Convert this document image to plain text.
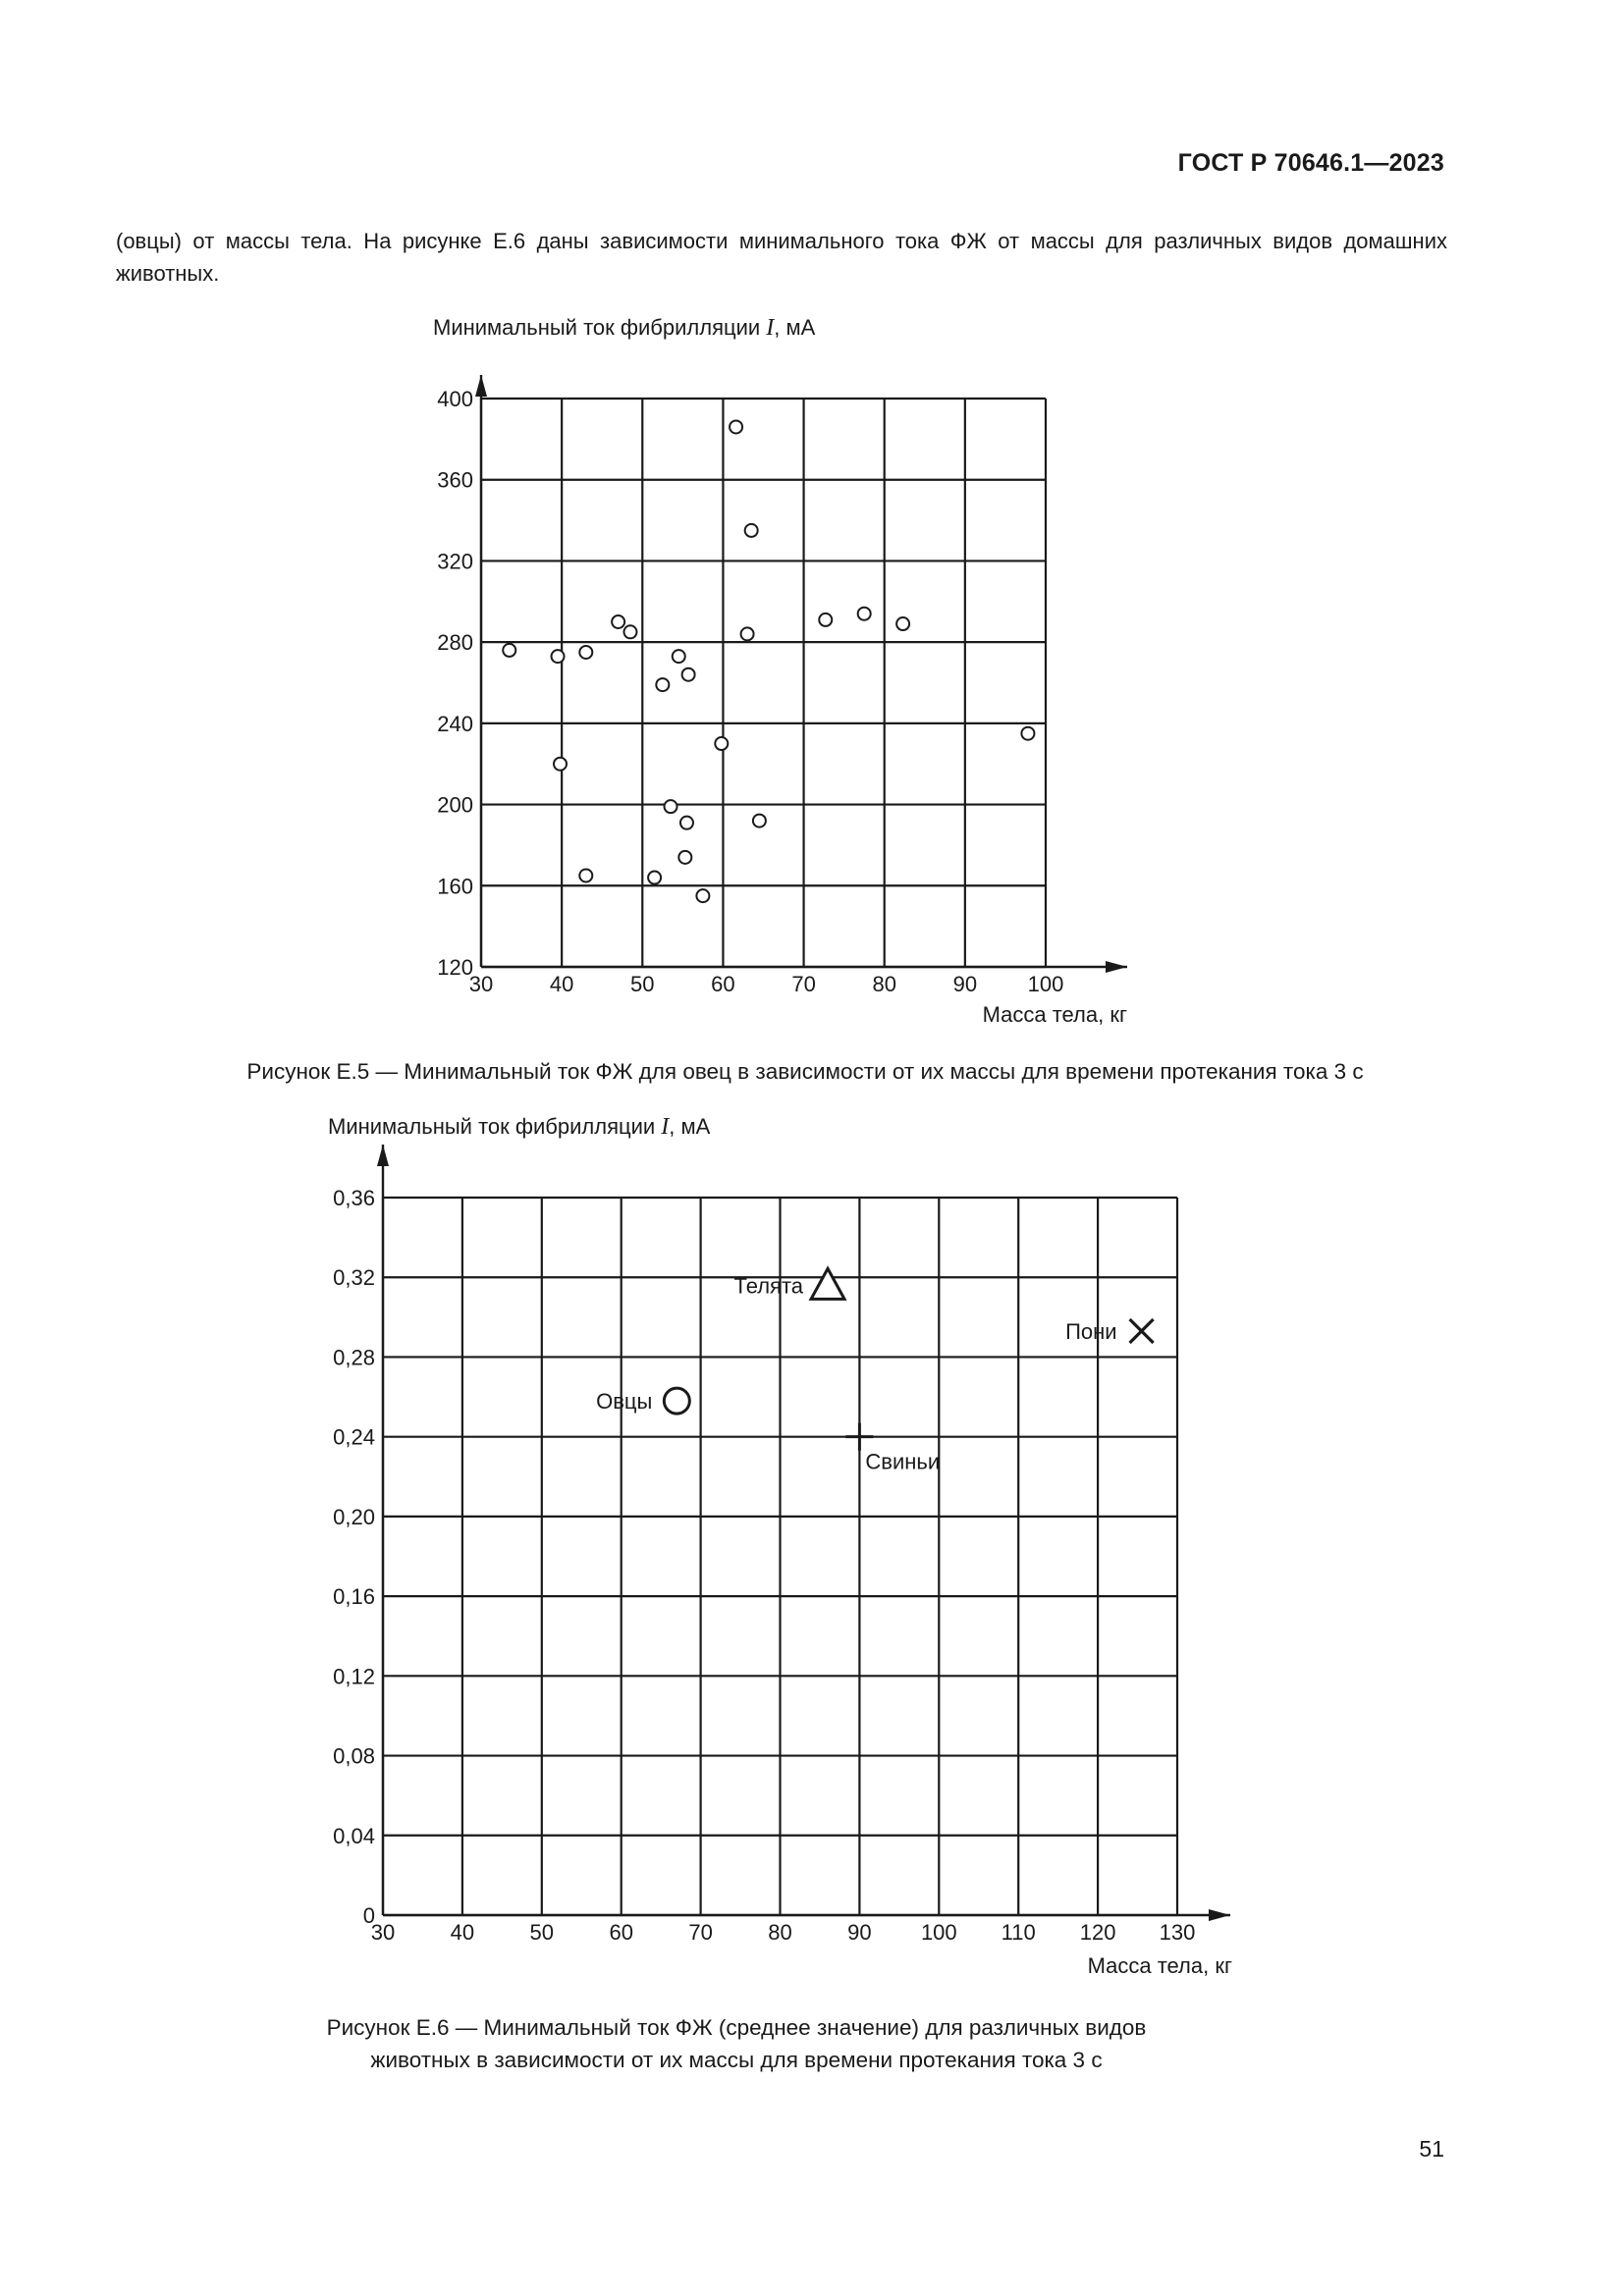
ГОСТ Р 70646.1—2023
(овцы) от массы тела. На рисунке Е.6 даны зависимости минимального тока ФЖ от массы для различных видов домашних животных.
30	40	50	60	70	80	90 100
120
160
200
240
280
320
360
400
Минимальный ток фибрилляции I, мА
Масса тела, кг
Рисунок Е.5 — Минимальный ток ФЖ для овец в зависимости от их массы для времени протекания тока 3 с
30	40	50	60	70	80	90 100 110 120 130
0
0,04
0,08
0,12
0,16
0,20
0,24
0,28
0,32
0,36
Минимальный ток фибрилляции I, мА
Масса тела, кг
Телята
Пони
Овцы
Свиньи
Рисунок Е.6 — Минимальный ток ФЖ (среднее значение) для различных видов
животных в зависимости от их массы для времени протекания тока 3 с
51
